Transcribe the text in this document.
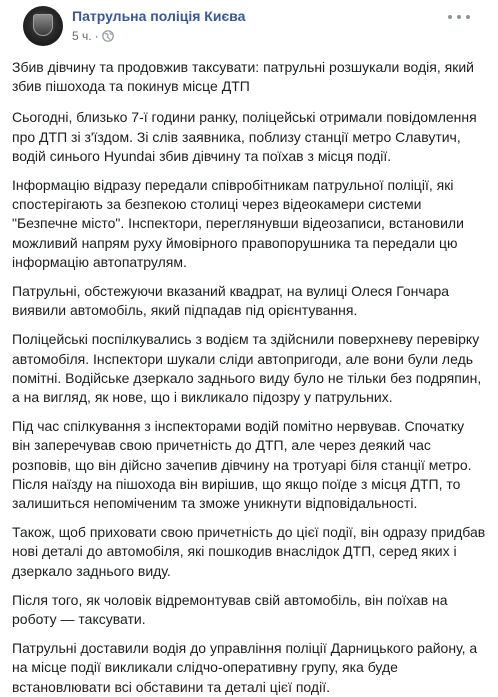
Патрульна поліція Києва
5 ч. ·

Збив дівчину та продовжив таксувати: патрульні розшукали водія, який збив пішохода та покинув місце ДТП

Сьогодні, близько 7-ї години ранку, поліцейські отримали повідомлення про ДТП зі з'їздом. Зі слів заявника, поблизу станції метро Славутич, водій синього Hyundai збив дівчину та поїхав з місця події.

Інформацію відразу передали співробітникам патрульної поліції, які спостерігають за безпекою столиці через відеокамери системи "Безпечне місто". Інспектори, переглянувши відеозаписи, встановили можливий напрям руху ймовірного правопорушника та передали цю інформацію автопатрулям.

Патрульні, обстежуючи вказаний квадрат, на вулиці Олеся Гончара виявили автомобіль, який підпадав під орієнтування.

Поліцейські поспілкувались з водієм та здійснили поверхневу перевірку автомобіля. Інспектори шукали сліди автопригоди, але вони були ледь помітні. Водійське дзеркало заднього виду було не тільки без подряпин, а на вигляд, як нове, що і викликало підозру у патрульних.

Під час спілкування з інспекторами водій помітно нервував. Спочатку він заперечував свою причетність до ДТП, але через деякий час розповів, що він дійсно зачепив дівчину на тротуарі біля станції метро. Після наїзду на пішохода він вирішив, що якщо поїде з місця ДТП, то залишиться непоміченим та зможе уникнути відповідальності.

Також, щоб приховати свою причетність до цієї події, він одразу придбав нові деталі до автомобіля, які пошкодив внаслідок ДТП, серед яких і дзеркало заднього виду.

Після того, як чоловік відремонтував свій автомобіль, він поїхав на роботу — таксувати.

Патрульні доставили водія до управління поліції Дарницького району, а на місце події викликали слідчо-оперативну групу, яка буде встановлювати всі обставини та деталі цієї події.
